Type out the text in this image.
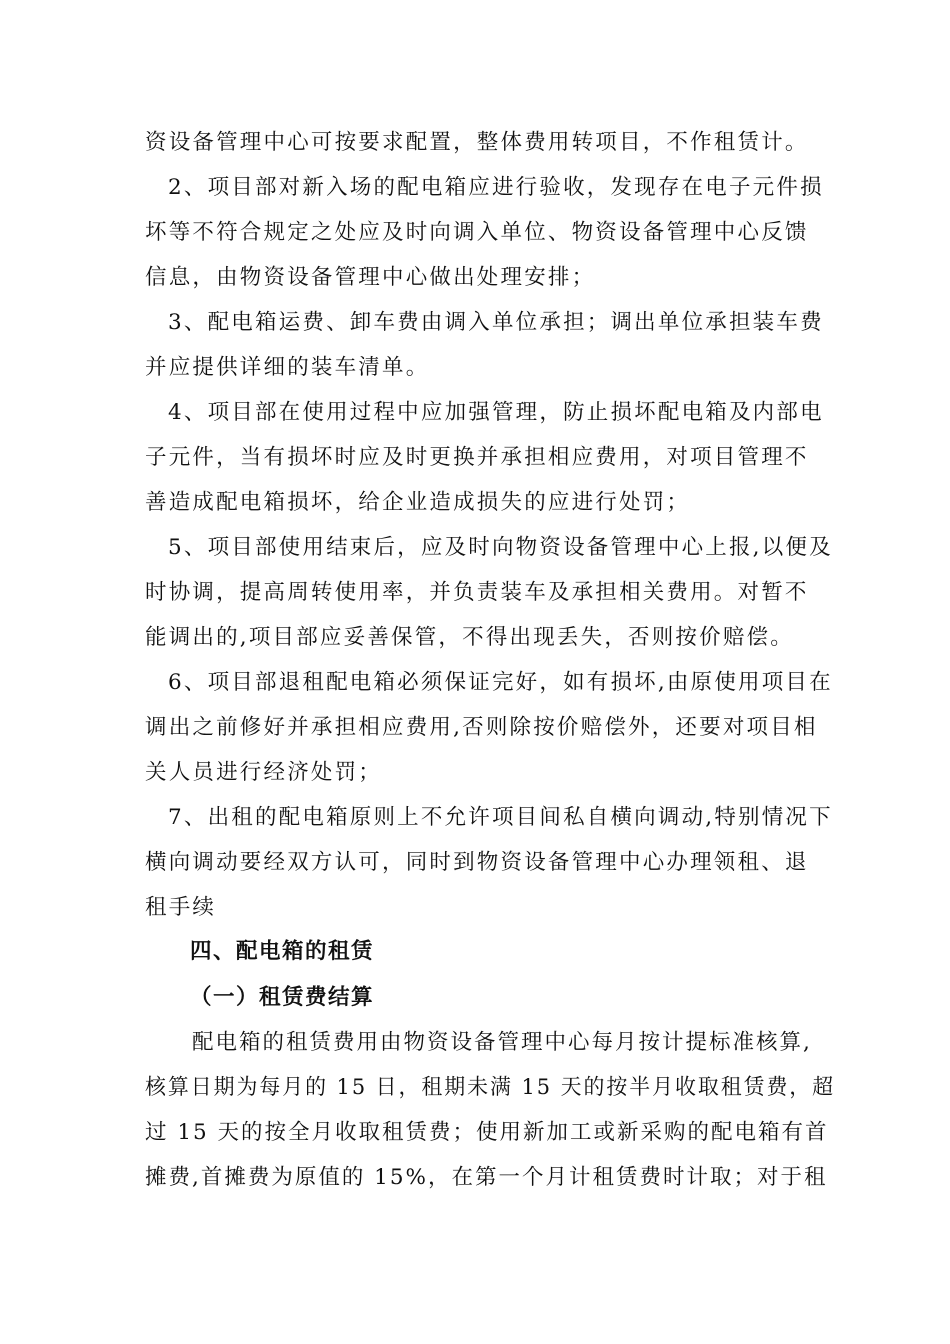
资设备管理中心可按要求配置，整体费用转项目，不作租赁计。
2、项目部对新入场的配电箱应进行验收，发现存在电子元件损
坏等不符合规定之处应及时向调入单位、物资设备管理中心反馈
信息，由物资设备管理中心做出处理安排；
3、配电箱运费、卸车费由调入单位承担；调出单位承担装车费
并应提供详细的装车清单。
4、项目部在使用过程中应加强管理，防止损坏配电箱及内部电
子元件，当有损坏时应及时更换并承担相应费用，对项目管理不
善造成配电箱损坏，给企业造成损失的应进行处罚；
5、项目部使用结束后，应及时向物资设备管理中心上报,以便及
时协调，提高周转使用率，并负责装车及承担相关费用。对暂不
能调出的,项目部应妥善保管，不得出现丢失，否则按价赔偿。
6、项目部退租配电箱必须保证完好，如有损坏,由原使用项目在
调出之前修好并承担相应费用,否则除按价赔偿外，还要对项目相
关人员进行经济处罚；
7、出租的配电箱原则上不允许项目间私自横向调动,特别情况下
横向调动要经双方认可，同时到物资设备管理中心办理领租、退
租手续
四、配电箱的租赁
（一）租赁费结算
配电箱的租赁费用由物资设备管理中心每月按计提标准核算,
核算日期为每月的 15 日，租期未满 15 天的按半月收取租赁费，超
过 15 天的按全月收取租赁费；使用新加工或新采购的配电箱有首
摊费,首摊费为原值的 15%，在第一个月计租赁费时计取；对于租
